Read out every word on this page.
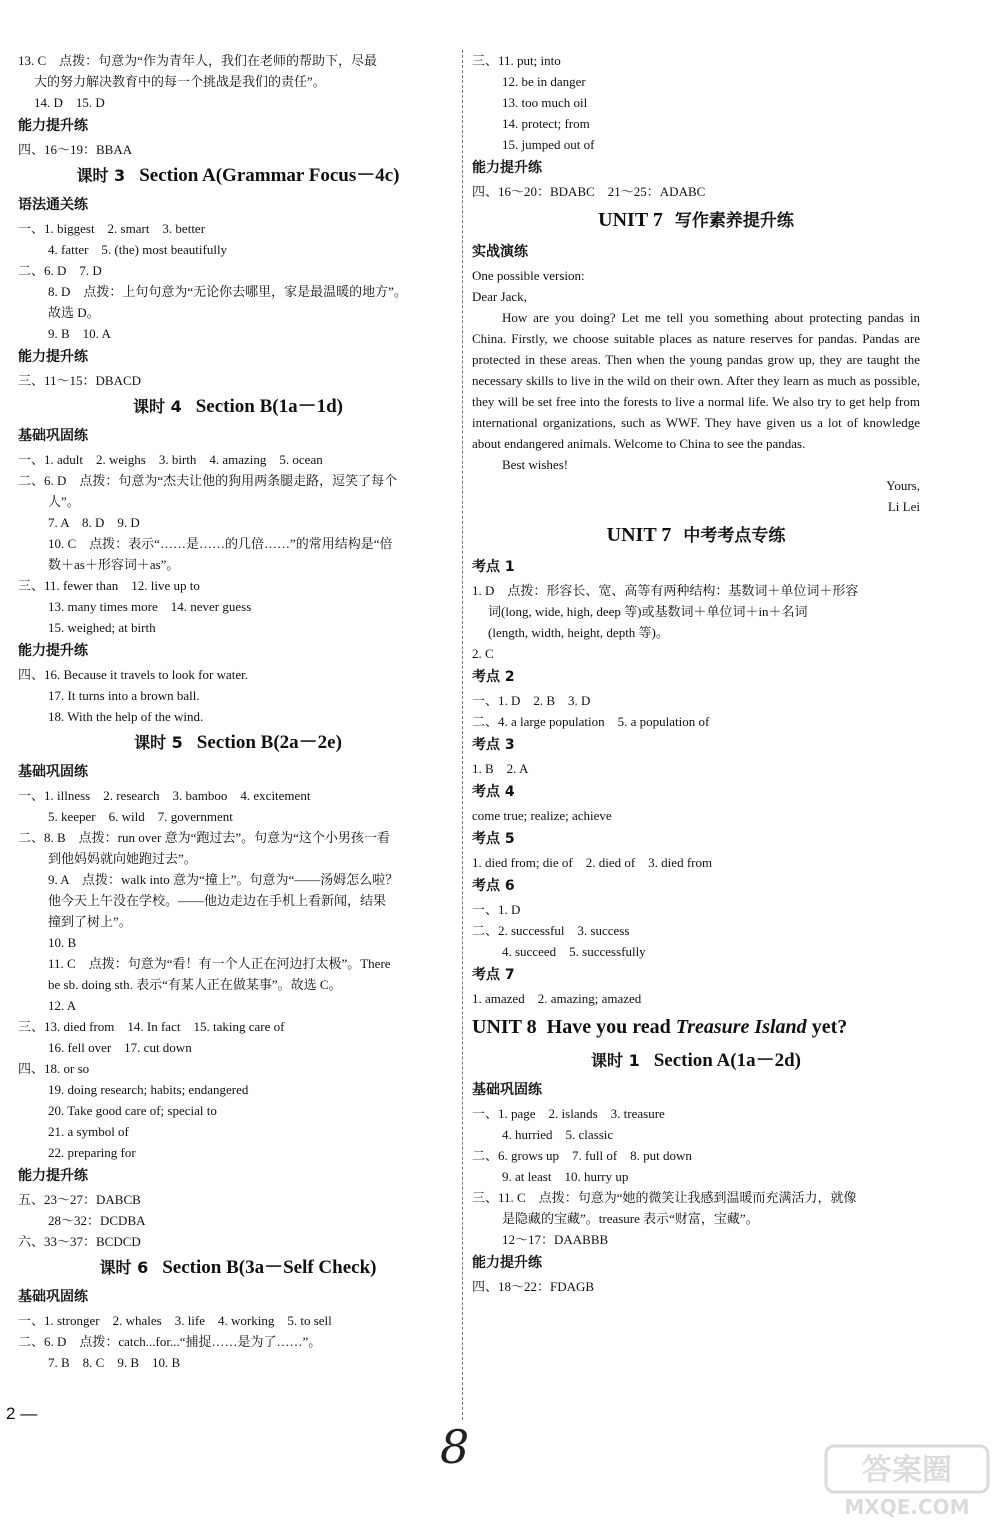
13. C　点拨：句意为“作为青年人，我们在老师的帮助下，尽最
大的努力解决教育中的每一个挑战是我们的责任”。
14. D　15. D
能力提升练
四、16～19：BBAA
课时 3 Section A(Grammar Focus－4c)
语法通关练
一、1. biggest　2. smart　3. better
4. fatter　5. (the) most beautifully
二、6. D　7. D
8. D　点拨：上句句意为“无论你去哪里，家是最温暖的地方”。
故选 D。
9. B　10. A
能力提升练
三、11～15：DBACD
课时 4 Section B(1a－1d)
基础巩固练
一、1. adult　2. weighs　3. birth　4. amazing　5. ocean
二、6. D　点拨：句意为“杰夫让他的狗用两条腿走路，逗笑了每个
人”。
7. A　8. D　9. D
10. C　点拨：表示“……是……的几倍……”的常用结构是“倍
数＋as＋形容词＋as”。
三、11. fewer than　12. live up to
13. many times more　14. never guess
15. weighed; at birth
能力提升练
四、16. Because it travels to look for water.
17. It turns into a brown ball.
18. With the help of the wind.
课时 5 Section B(2a－2e)
基础巩固练
一、1. illness　2. research　3. bamboo　4. excitement
5. keeper　6. wild　7. government
二、8. B　点拨：run over 意为“跑过去”。句意为“这个小男孩一看
到他妈妈就向她跑过去”。
9. A　点拨：walk into 意为“撞上”。句意为“——汤姆怎么啦？
他今天上午没在学校。——他边走边在手机上看新闻，结果
撞到了树上”。
10. B
11. C　点拨：句意为“看！有一个人正在河边打太极”。There
be sb. doing sth. 表示“有某人正在做某事”。故选 C。
12. A
三、13. died from　14. In fact　15. taking care of
16. fell over　17. cut down
四、18. or so
19. doing research; habits; endangered
20. Take good care of; special to
21. a symbol of
22. preparing for
能力提升练
五、23～27：DABCB
28～32：DCDBA
六、33～37：BCDCD
课时 6 Section B(3a－Self Check)
基础巩固练
一、1. stronger　2. whales　3. life　4. working　5. to sell
二、6. D　点拨：catch...for...“捕捉……是为了……”。
7. B　8. C　9. B　10. B
三、11. put; into
12. be in danger
13. too much oil
14. protect; from
15. jumped out of
能力提升练
四、16～20：BDABC　21～25：ADABC
UNIT 7 写作素养提升练
实战演练

One possible version:

Dear Jack,

How are you doing? Let me tell you something about protecting pandas in China. Firstly, we choose suitable places as nature reserves for pandas. Pandas are protected in these areas. Then when the young pandas grow up, they are taught the necessary skills to live in the wild on their own. After they learn as much as possible, they will be set free into the forests to live a normal life. We also try to get help from international organizations, such as WWF. They have given us a lot of knowledge about endangered animals. Welcome to China to see the pandas.

Best wishes!

Yours,

Li Lei

UNIT 7 中考考点专练
考点 1
1. D　点拨：形容长、宽、高等有两种结构：基数词＋单位词＋形容
词(long, wide, high, deep 等)或基数词＋单位词＋in＋名词
(length, width, height, depth 等)。
2. C
考点 2
一、1. D　2. B　3. D
二、4. a large population　5. a population of
考点 3
1. B　2. A
考点 4
come true; realize; achieve
考点 5
1. died from; die of　2. died of　3. died from
考点 6
一、1. D
二、2. successful　3. success
4. succeed　5. successfully
考点 7
1. amazed　2. amazing; amazed
UNIT 8 Have you read Treasure Island yet?
课时 1 Section A(1a－2d)
基础巩固练
一、1. page　2. islands　3. treasure
4. hurried　5. classic
二、6. grows up　7. full of　8. put down
9. at least　10. hurry up
三、11. C　点拨：句意为“她的微笑让我感到温暖而充满活力，就像
是隐藏的宝藏”。treasure 表示“财富，宝藏”。
12～17：DAABBB
能力提升练
四、18～22：FDAGB
2 —
8	答案圈
MXQE.COM
